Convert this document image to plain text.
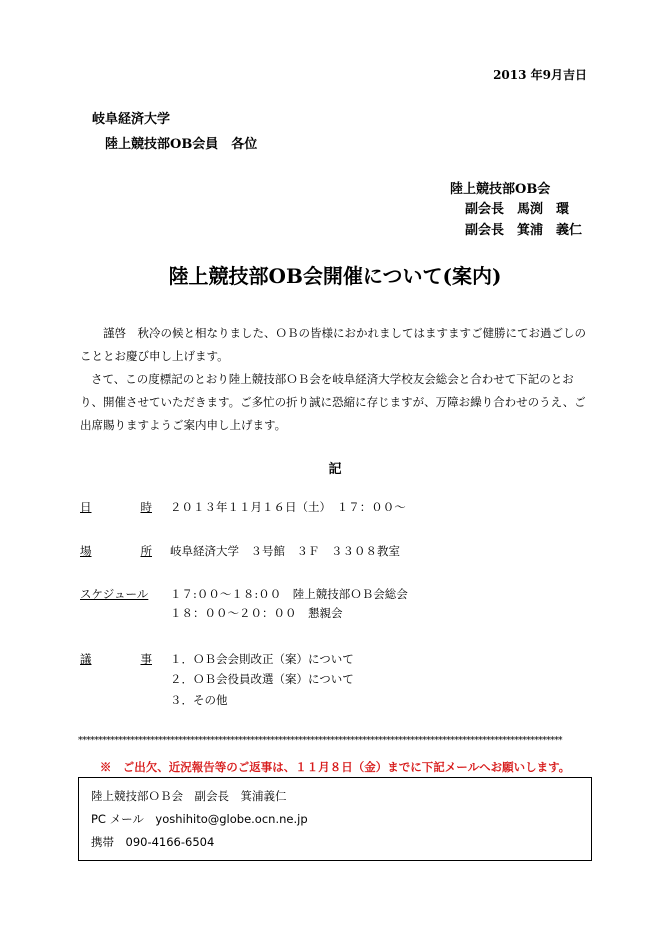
2013 年9月吉日
岐阜経済大学
陸上競技部OB会員　各位
陸上競技部OB会
副会長　馬渕　環
副会長　箕浦　義仁
陸上競技部OB会開催について(案内)
謹啓　秋冷の候と相なりました、ＯＢの皆様におかれましてはますますご健勝にてお過ごしのこととお慶び申し上げます。
さて、この度標記のとおり陸上競技部ＯＢ会を岐阜経済大学校友会総会と合わせて下記のとおり、開催させていただきます。ご多忙の折り誠に恐縮に存じますが、万障お繰り合わせのうえ、ご出席賜りますようご案内申し上げます。
記
日	時 ２０１３年１１月１６日（土）　１７：００～
場	所 岐阜経済大学　３号館　３Ｆ　３３０８教室
スケジュール	１７:００～１８:００　陸上競技部ＯＢ会総会
１８：００～２０：００　懇親会
議	事 １．ＯＢ会会則改正（案）について
２．ＯＢ会役員改選（案）について
３．その他
*************************************************************************************************************************
※　ご出欠、近況報告等のご返事は、１１月８日（金）までに下記メールへお願いします。
陸上競技部ＯＢ会　副会長　箕浦義仁
PC メール　yoshihito@globe.ocn.ne.jp
携帯　090-4166-6504
